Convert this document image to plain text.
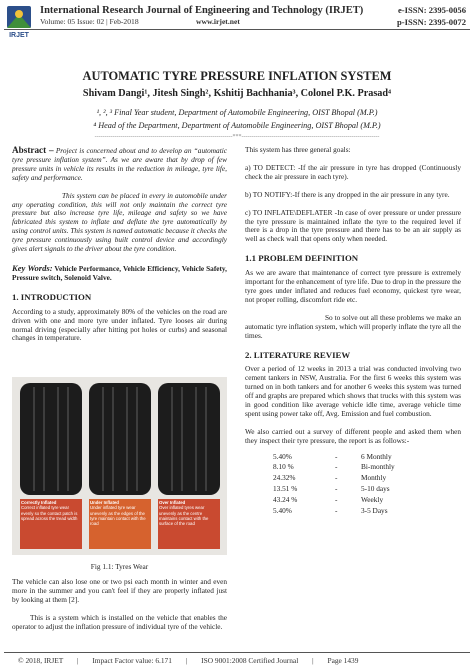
IRJET
International Research Journal of Engineering and Technology (IRJET)
Volume: 05 Issue: 02 | Feb-2018	www.irjet.net
e-ISSN: 2395-0056
p-ISSN: 2395-0072
AUTOMATIC TYRE PRESSURE INFLATION SYSTEM
Shivam Dangi¹, Jitesh Singh², Kshitij Bachhania³, Colonel P.K. Prasad⁴
¹, ², ³ Final Year student, Department of Automobile Engineering, OIST Bhopal (M.P.)
⁴ Head of the Department, Department of Automobile Engineering, OIST Bhopal (M.P.)
---------------------------------------------------------------------***---------------------------------------------------------------------
Abstract – Project is concerned about and to develop an “automatic tyre pressure inflation system”. As we are aware that by drop of few pressure units in vehicle its results in the reduction in mileage, tyre life, safety and performance.
This system can be placed in every in automobile under any operating condition, this will not only maintain the correct tyre pressure but also increase tyre life, mileage and safety so we have fabricated this system to inflate and deflate the tyre automatically by using control units. This system is named automatic because it checks the tyre pressure continuously using built control device and accordingly gives alert signals to the driver about the tyre condition.
Key Words: Vehicle Performance, Vehicle Efficiency, Vehicle Safety, Pressure switch, Solenoid Valve.
1. INTRODUCTION
According to a study, approximately 80% of the vehicles on the road are driven with one and more tyre under inflated. Tyre looses air during normal driving (especially after hitting pot holes or curbs) and seasonal changes in temperature.
Correctly Inflated
Correct inflated tyre wear evenly so the contact patch is spread across the tread width
Under Inflated
Under inflated tyre wear unevenly as the edges of the tyre maintain contact with the road
Over Inflated
Over inflated tyres wear unevenly as the centre maintains contact with the surface of the road
Fig 1.1: Tyres Wear
The vehicle can also lose one or two psi each month in winter and even more in the summer and you can't feel if they are properly inflated just by looking at them [2].
This is a system which is installed on the vehicle that enables the operator to adjust the inflation pressure of individual tyre of the vehicle.
This system has three general goals:
a) TO DETECT: -If the air pressure in tyre has dropped (Continuously check the air pressure in each tyre).
b) TO NOTIFY:-If there is any dropped in the air pressure in any tyre.
c) TO INFLATE\DEFLATER -In case of over pressure or under pressure the tyre pressure is maintained inflate the tyre to the required level if there is a drop in the tyre pressure and there has to be an air supply as well as check wall that opens only when needed.
1.1 PROBLEM DEFINITION
As we are aware that maintenance of correct tyre pressure is extremely important for the enhancement of tyre life. Due to drop in the pressure the tyre goes under inflated and reduces fuel economy, quickest tyre wear, not proper rolling, discomfort ride etc.
So to solve out all these problems we make an automatic tyre inflation system, which will properly inflate the tyre all the times.
2. LITERATURE REVIEW
Over a period of 12 weeks in 2013 a trial was conducted involving two cement tankers in NSW, Australia. For the first 6 weeks this system was turned on in both tankers and for another 6 weeks this system was turned off and graphs are prepared which shows that trucks with this system was in good condition like average vehicle idle time, average vehicle time spent using power take off, Avg. Emission and fuel combustion.
We also carried out a survey of different people and asked them when they inspect their tyre pressure, the report is as follows:-
5.40%	-	6 Monthly
8.10 %	-	Bi-monthly
24.32%	-	Monthly
13.51 %	-	5-10 days
43.24 %	-	Weekly
5.40%	-	3-5 Days
© 2018, IRJET | Impact Factor value: 6.171 | ISO 9001:2008 Certified Journal | Page 1439
